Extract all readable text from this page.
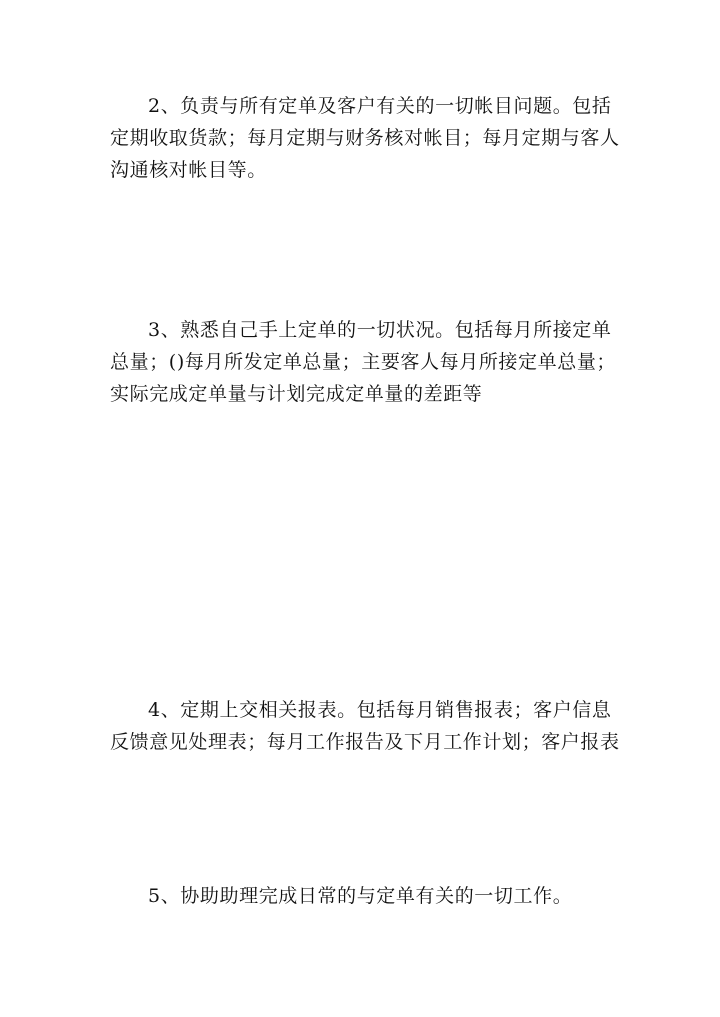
2、负责与所有定单及客户有关的一切帐目问题。包括
定期收取货款；每月定期与财务核对帐目；每月定期与客人
沟通核对帐目等。
3、熟悉自己手上定单的一切状况。包括每月所接定单
总量；()每月所发定单总量；主要客人每月所接定单总量；
实际完成定单量与计划完成定单量的差距等
4、定期上交相关报表。包括每月销售报表；客户信息
反馈意见处理表；每月工作报告及下月工作计划；客户报表
5、协助助理完成日常的与定单有关的一切工作。
